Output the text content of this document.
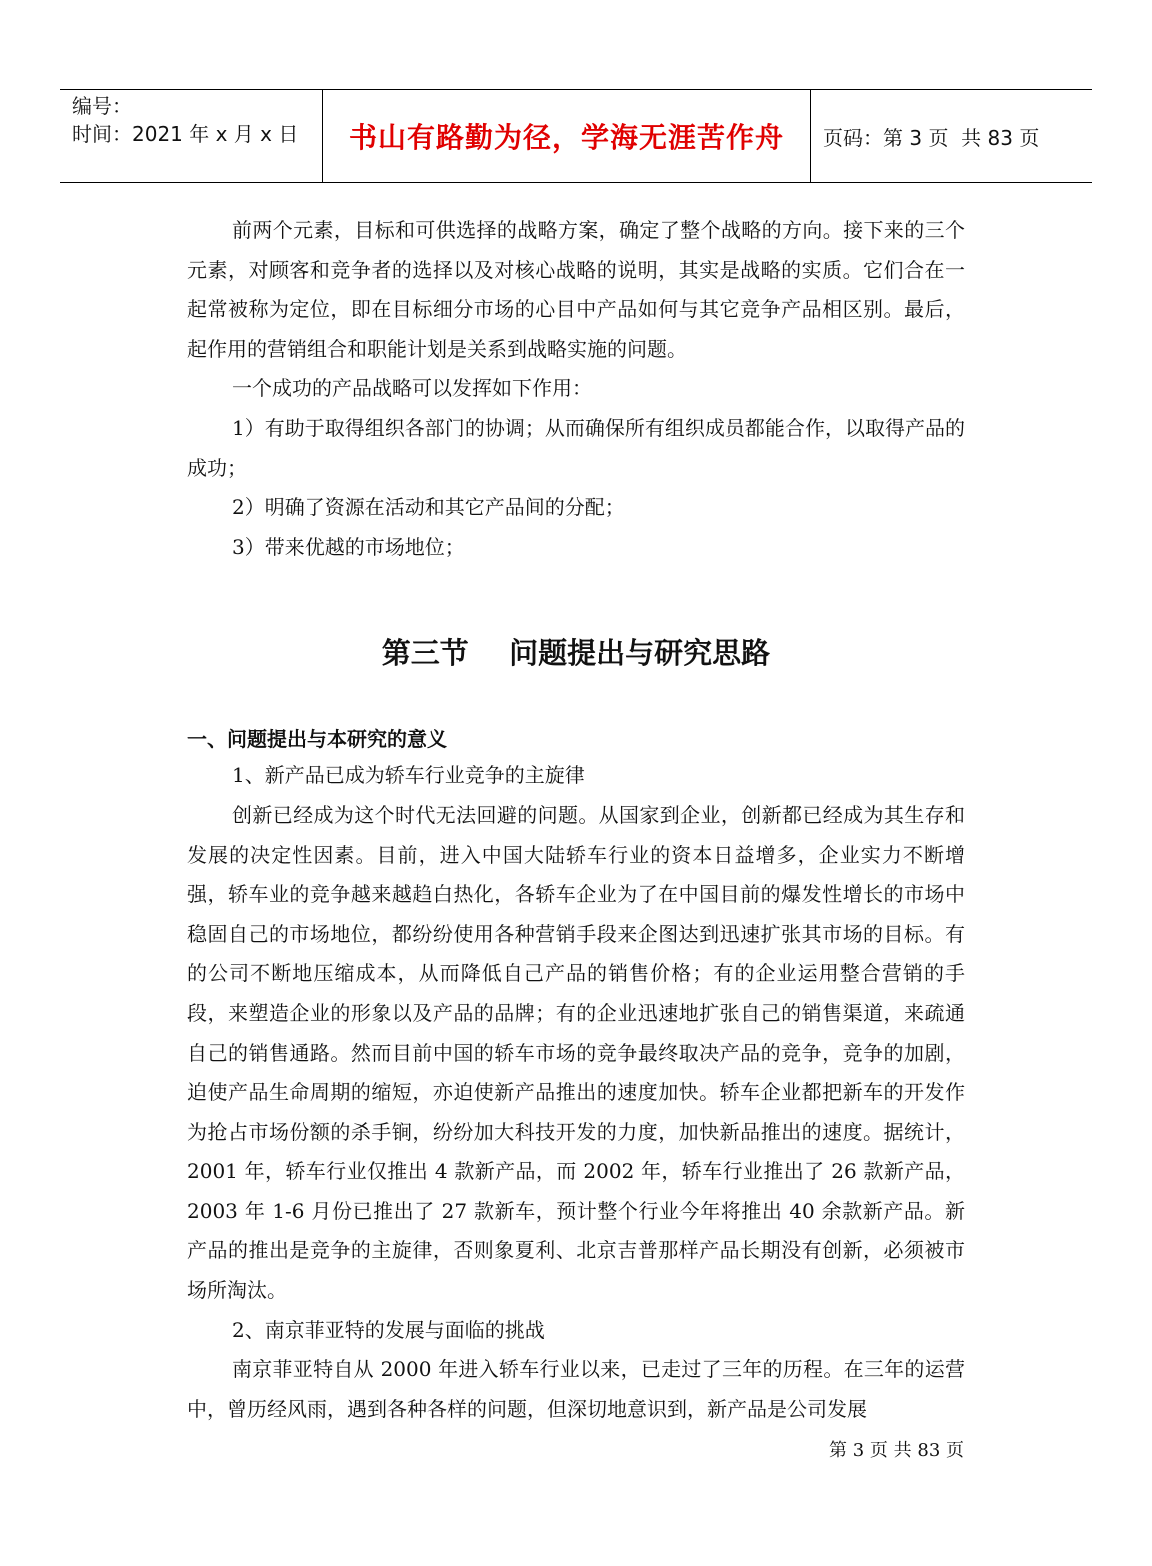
编号：
时间：2021 年 x 月 x 日	书山有路勤为径，学海无涯苦作舟	页码：第 3 页  共 83 页

前两个元素，目标和可供选择的战略方案，确定了整个战略的方向。接下来的三个元素，对顾客和竞争者的选择以及对核心战略的说明，其实是战略的实质。它们合在一起常被称为定位，即在目标细分市场的心目中产品如何与其它竞争产品相区别。最后，起作用的营销组合和职能计划是关系到战略实施的问题。

一个成功的产品战略可以发挥如下作用：

1）有助于取得组织各部门的协调；从而确保所有组织成员都能合作，以取得产品的成功；

2）明确了资源在活动和其它产品间的分配；

3）带来优越的市场地位；

第三节    问题提出与研究思路
一、问题提出与本研究的意义

1、新产品已成为轿车行业竞争的主旋律

创新已经成为这个时代无法回避的问题。从国家到企业，创新都已经成为其生存和发展的决定性因素。目前，进入中国大陆轿车行业的资本日益增多，企业实力不断增强，轿车业的竞争越来越趋白热化，各轿车企业为了在中国目前的爆发性增长的市场中稳固自己的市场地位，都纷纷使用各种营销手段来企图达到迅速扩张其市场的目标。有的公司不断地压缩成本，从而降低自己产品的销售价格；有的企业运用整合营销的手段，来塑造企业的形象以及产品的品牌；有的企业迅速地扩张自己的销售渠道，来疏通自己的销售通路。然而目前中国的轿车市场的竞争最终取决产品的竞争，竞争的加剧，迫使产品生命周期的缩短，亦迫使新产品推出的速度加快。轿车企业都把新车的开发作为抢占市场份额的杀手锏，纷纷加大科技开发的力度，加快新品推出的速度。据统计，2001 年，轿车行业仅推出 4 款新产品，而 2002 年，轿车行业推出了 26 款新产品，2003 年 1-6 月份已推出了 27 款新车，预计整个行业今年将推出 40 余款新产品。新产品的推出是竞争的主旋律，否则象夏利、北京吉普那样产品长期没有创新，必须被市场所淘汰。

2、南京菲亚特的发展与面临的挑战

南京菲亚特自从 2000 年进入轿车行业以来，已走过了三年的历程。在三年的运营中，曾历经风雨，遇到各种各样的问题，但深切地意识到，新产品是公司发展

第 3 页 共 83 页
